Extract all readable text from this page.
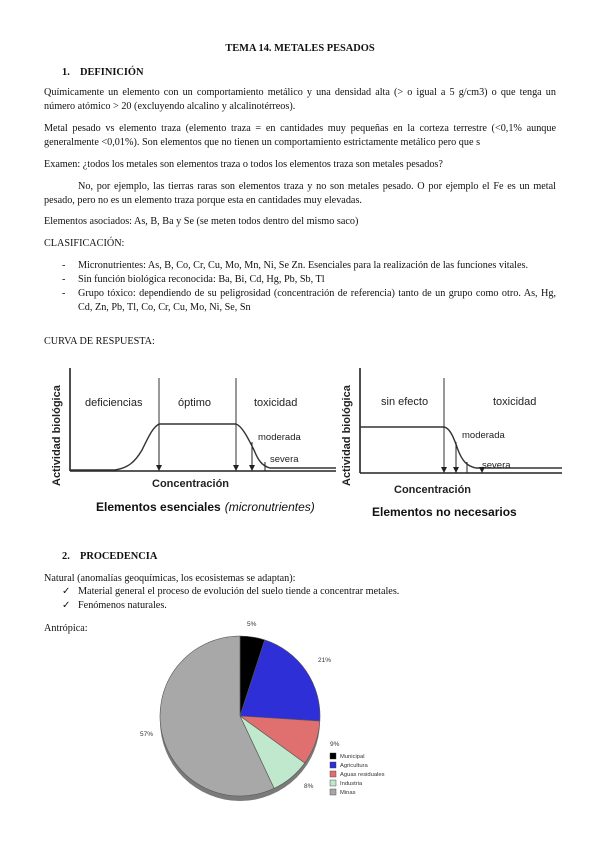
TEMA 14. METALES PESADOS
1. DEFINICIÓN
Químicamente un elemento con un comportamiento metálico y una densidad alta (> o igual a 5 g/cm3) o que tenga un número atómico > 20 (excluyendo alcalino y alcalinotérreos).
Metal pesado vs elemento traza (elemento traza = en cantidades muy pequeñas en la corteza terrestre (<0,1% aunque generalmente <0,01%). Son elementos que no tienen un comportamiento estrictamente metálico pero que s
Examen: ¿todos los metales son elementos traza o todos los elementos traza son metales pesados?
No, por ejemplo, las tierras raras son elementos traza y no son metales pesado. O por ejemplo el Fe es un metal pesado, pero no es un elemento traza porque esta en cantidades muy elevadas.
Elementos asociados: As, B, Ba y Se (se meten todos dentro del mismo saco)
CLASIFICACIÓN:
- Micronutrientes: As, B, Co, Cr, Cu, Mo, Mn, Ni, Se Zn. Esenciales para la realización de las funciones vitales.
- Sin función biológica reconocida: Ba, Bi, Cd, Hg, Pb, Sb, Tl
- Grupo tóxico: dependiendo de su peligrosidad (concentración de referencia) tanto de un grupo como otro. As, Hg, Cd, Zn, Pb, Tl, Co, Cr, Cu, Mo, Ni, Se, Sn
CURVA DE RESPUESTA:
Actividad biológica deficiencias	óptimo	toxicidad
moderada
severa
Concentración
Elementos esenciales (micronutrientes)
Actividad biológica	sin efecto	toxicidad
moderada
severa
Concentración
Elementos no necesarios
2. PROCEDENCIA
Natural (anomalías geoquímicas, los ecosistemas se adaptan):
✓ Material general el proceso de evolución del suelo tiende a concentrar metales.
✓ Fenómenos naturales.
Antrópica:	5%
21%
9%
8%
57%
Municipal
Agricultura
Aguas residuales
Industria
Minas
